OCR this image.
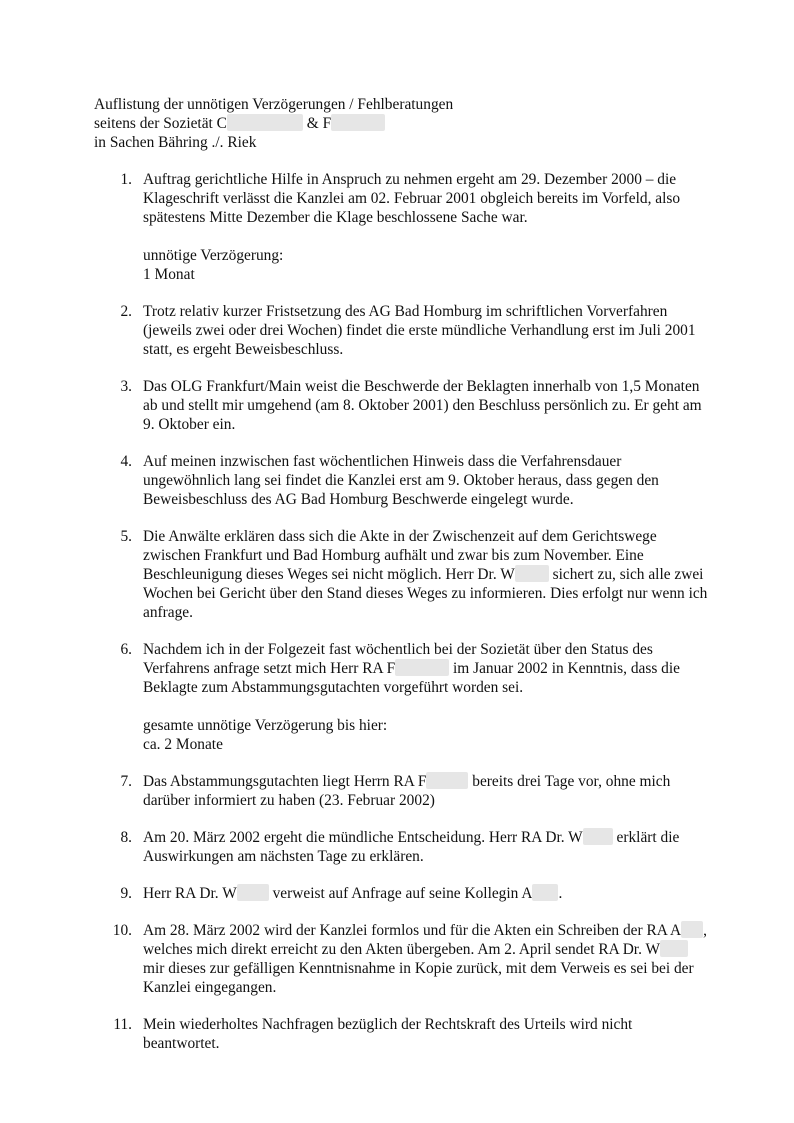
Auflistung der unnötigen Verzögerungen / Fehlberatungen
seitens der Sozietät C	& F
in Sachen Bähring ./. Riek
1. Auftrag gerichtliche Hilfe in Anspruch zu nehmen ergeht am 29. Dezember 2000 – die Klageschrift verlässt die Kanzlei am 02. Februar 2001 obgleich bereits im Vorfeld, also spätestens Mitte Dezember die Klage beschlossene Sache war.

unnötige Verzögerung:

1 Monat

2. Trotz relativ kurzer Fristsetzung des AG Bad Homburg im schriftlichen Vorverfahren (jeweils zwei oder drei Wochen) findet die erste mündliche Verhandlung erst im Juli 2001 statt, es ergeht Beweisbeschluss.

3. Das OLG Frankfurt/Main weist die Beschwerde der Beklagten innerhalb von 1,5 Monaten ab und stellt mir umgehend (am 8. Oktober 2001) den Beschluss persönlich zu. Er geht am 9. Oktober ein.

4. Auf meinen inzwischen fast wöchentlichen Hinweis dass die Verfahrensdauer ungewöhnlich lang sei findet die Kanzlei erst am 9. Oktober heraus, dass gegen den Beweisbeschluss des AG Bad Homburg Beschwerde eingelegt wurde.

5. Die Anwälte erklären dass sich die Akte in der Zwischenzeit auf dem Gerichtswege zwischen Frankfurt und Bad Homburg aufhält und zwar bis zum November. Eine Beschleunigung dieses Weges sei nicht möglich. Herr Dr. W sichert zu, sich alle zwei Wochen bei Gericht über den Stand dieses Weges zu informieren. Dies erfolgt nur wenn ich anfrage.

6. Nachdem ich in der Folgezeit fast wöchentlich bei der Sozietät über den Status des Verfahrens anfrage setzt mich Herr RA F	im Januar 2002 in Kenntnis, dass die Beklagte zum Abstammungsgutachten vorgeführt worden sei.

gesamte unnötige Verzögerung bis hier:

ca. 2 Monate

7. Das Abstammungsgutachten liegt Herrn RA F	bereits drei Tage vor, ohne mich darüber informiert zu haben (23. Februar 2002)

8. Am 20. März 2002 ergeht die mündliche Entscheidung. Herr RA Dr. W erklärt die Auswirkungen am nächsten Tage zu erklären.

9. Herr RA Dr. W verweist auf Anfrage auf seine Kollegin A .

10. Am 28. März 2002 wird der Kanzlei formlos und für die Akten ein Schreiben der RA A , welches mich direkt erreicht zu den Akten übergeben. Am 2. April sendet RA Dr. W mir dieses zur gefälligen Kenntnisnahme in Kopie zurück, mit dem Verweis es sei bei der Kanzlei eingegangen.

11. Mein wiederholtes Nachfragen bezüglich der Rechtskraft des Urteils wird nicht beantwortet.
